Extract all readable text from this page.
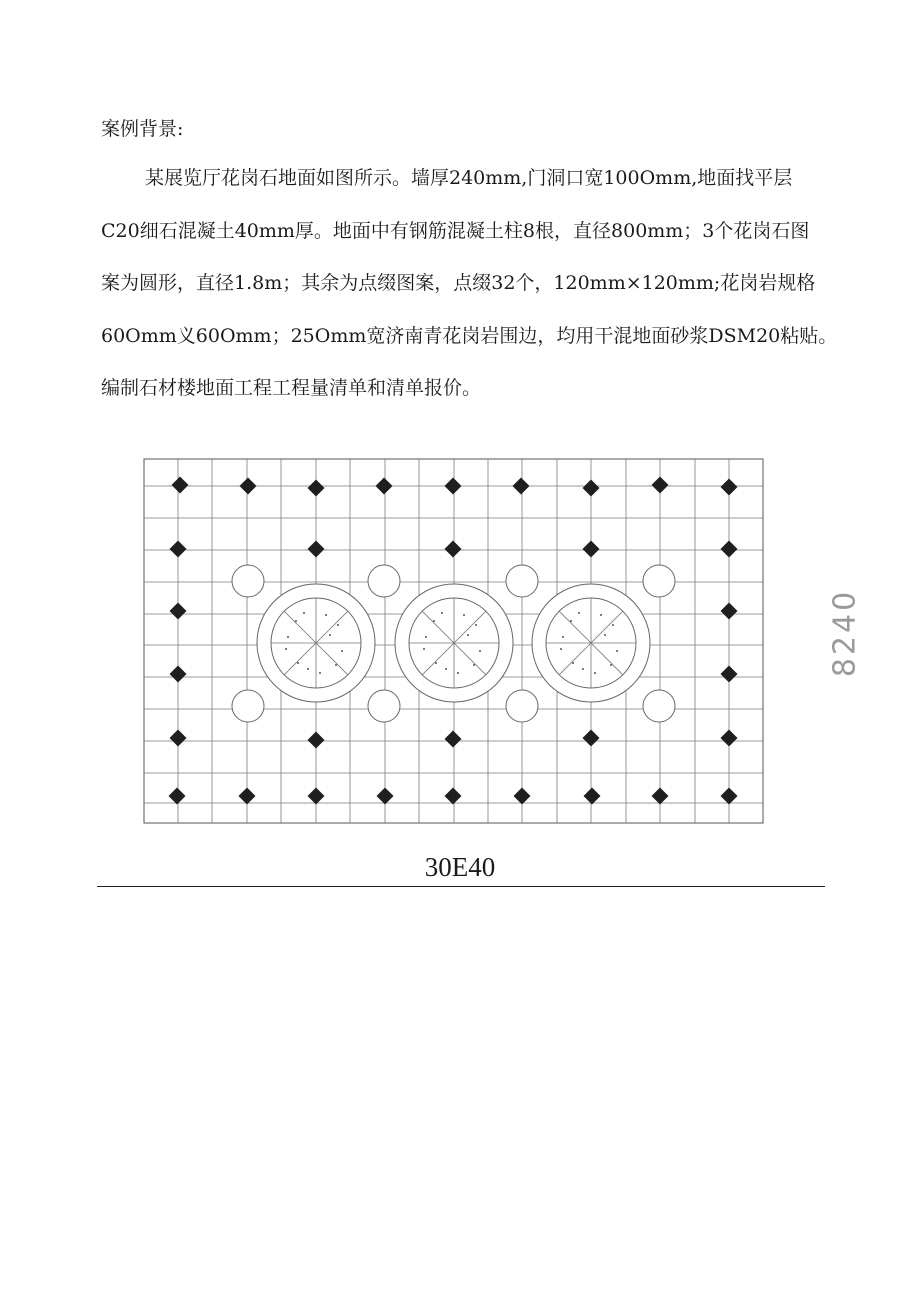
案例背景:

某展览厅花岗石地面如图所示。墙厚240mm,门洞口宽100Omm,地面找平层
C20细石混凝土40mm厚。地面中有钢筋混凝土柱8根，直径800mm；3个花岗石图
案为圆形，直径1.8m；其余为点缀图案，点缀32个，120mm×120mm;花岗岩规格
60Omm义60Omm；25Omm宽济南青花岗岩围边，均用干混地面砂浆DSM20粘贴。
编制石材楼地面工程工程量清单和清单报价。
8240
30E40
